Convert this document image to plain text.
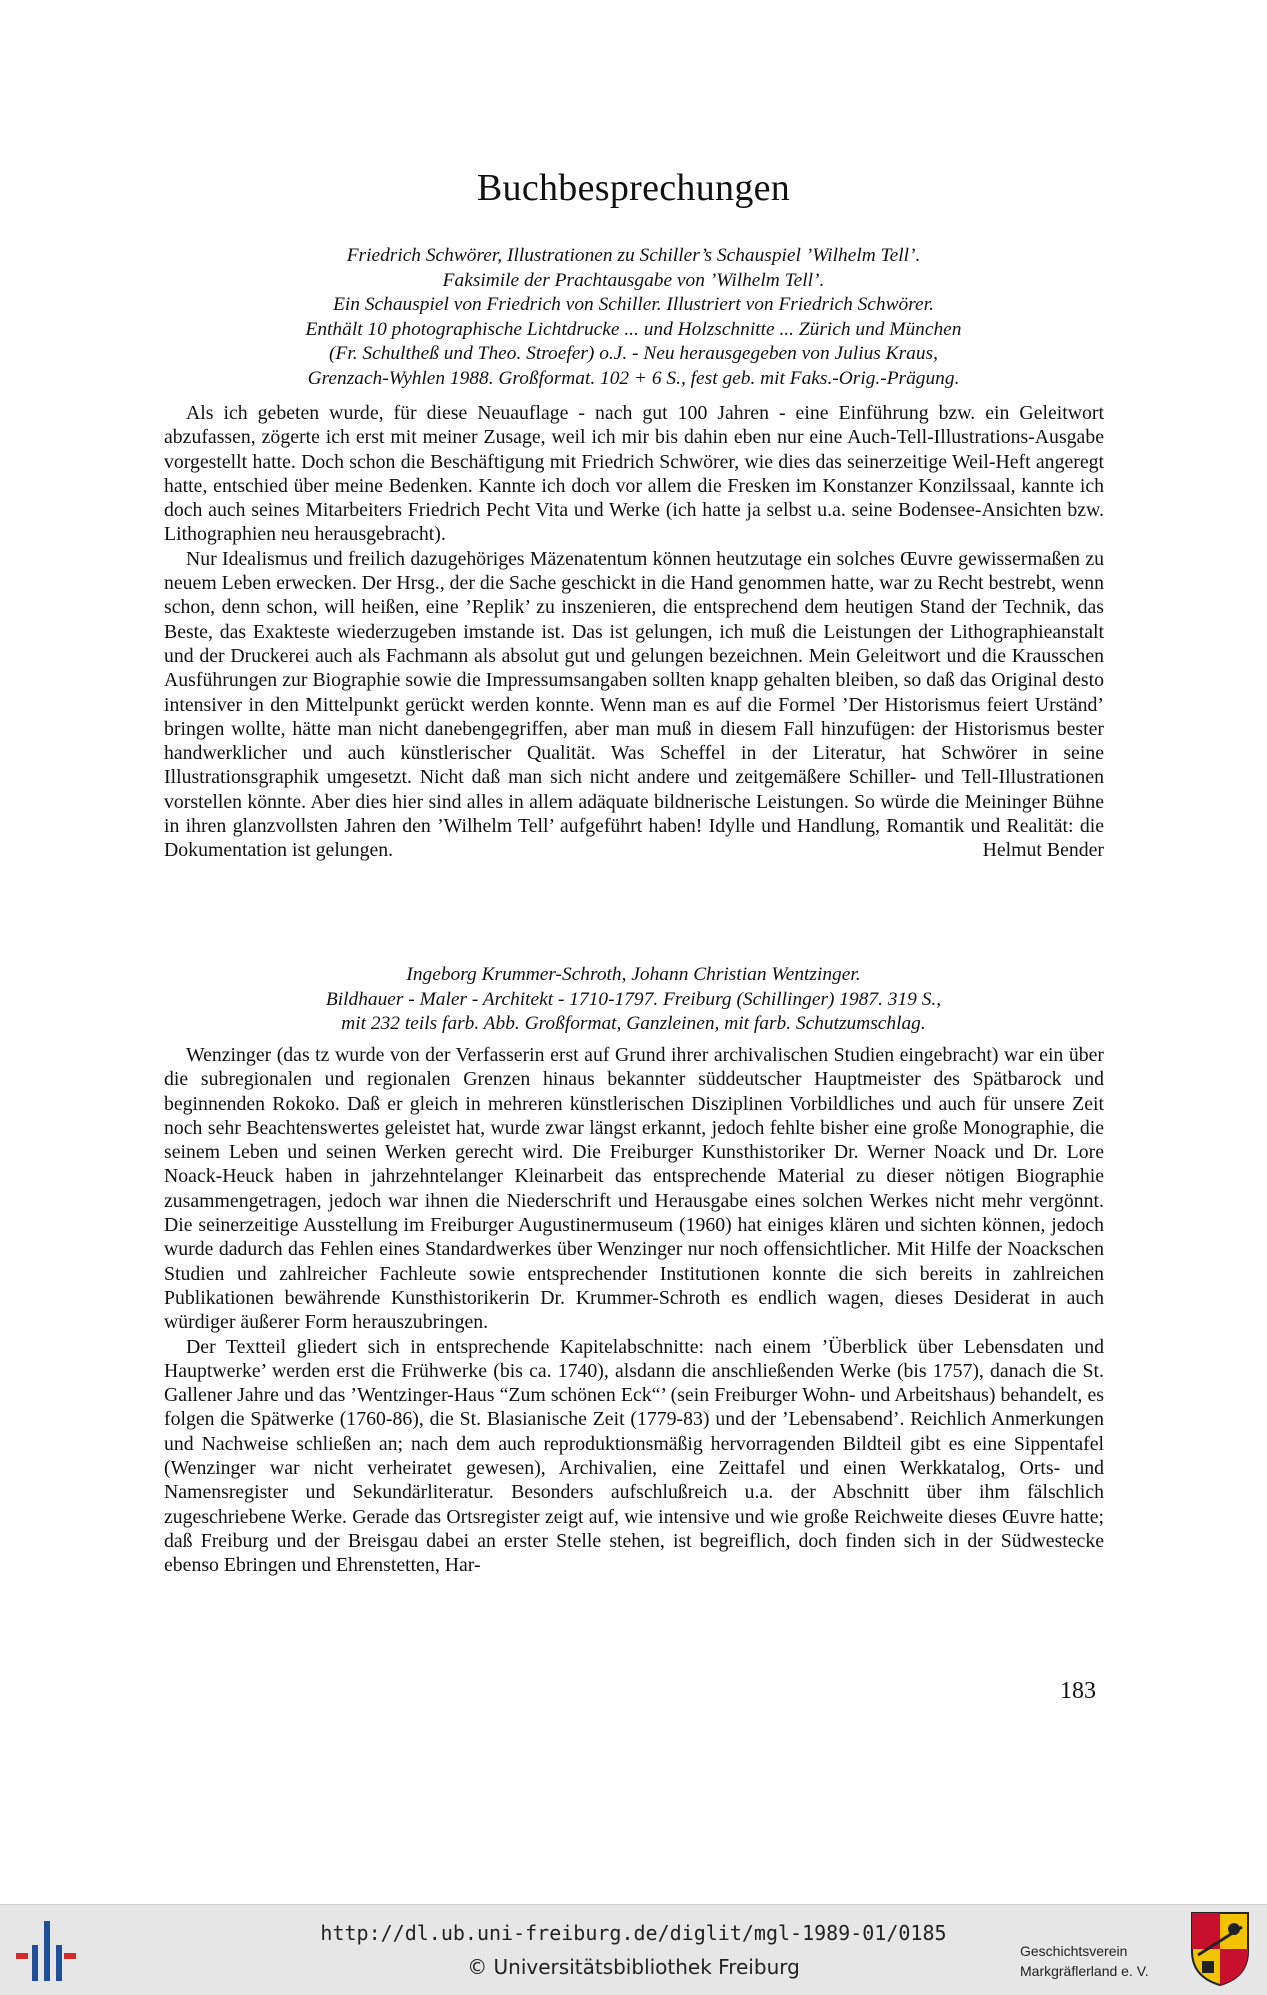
Buchbesprechungen
Friedrich Schwörer, Illustrationen zu Schiller’s Schauspiel ’Wilhelm Tell’.
Faksimile der Prachtausgabe von ’Wilhelm Tell’.
Ein Schauspiel von Friedrich von Schiller. Illustriert von Friedrich Schwörer.
Enthält 10 photographische Lichtdrucke ... und Holzschnitte ... Zürich und München
(Fr. Schultheß und Theo. Stroefer) o.J. - Neu herausgegeben von Julius Kraus,
Grenzach-Wyhlen 1988. Großformat. 102 + 6 S., fest geb. mit Faks.-Orig.-Prägung.

Als ich gebeten wurde, für diese Neuauflage - nach gut 100 Jahren - eine Einführung bzw. ein Geleitwort abzufassen, zögerte ich erst mit meiner Zusage, weil ich mir bis dahin eben nur eine Auch-Tell-Illustrations-Ausgabe vorgestellt hatte. Doch schon die Beschäftigung mit Friedrich Schwörer, wie dies das seinerzeitige Weil-Heft angeregt hatte, entschied über meine Bedenken. Kannte ich doch vor allem die Fresken im Konstanzer Konzilssaal, kannte ich doch auch seines Mitarbeiters Friedrich Pecht Vita und Werke (ich hatte ja selbst u.a. seine Bodensee-Ansichten bzw. Lithographien neu herausgebracht).

Nur Idealismus und freilich dazugehöriges Mäzenatentum können heutzutage ein solches Œuvre gewissermaßen zu neuem Leben erwecken. Der Hrsg., der die Sache geschickt in die Hand genommen hatte, war zu Recht bestrebt, wenn schon, denn schon, will heißen, eine ’Replik’ zu inszenieren, die entsprechend dem heutigen Stand der Technik, das Beste, das Exakteste wiederzugeben imstande ist. Das ist gelungen, ich muß die Leistungen der Lithographieanstalt und der Druckerei auch als Fachmann als absolut gut und gelungen bezeichnen. Mein Geleitwort und die Krausschen Ausführungen zur Biographie sowie die Impressumsangaben sollten knapp gehalten bleiben, so daß das Original desto intensiver in den Mittelpunkt gerückt werden konnte. Wenn man es auf die Formel ’Der Historismus feiert Urständ’ bringen wollte, hätte man nicht danebengegriffen, aber man muß in diesem Fall hinzufügen: der Historismus bester handwerklicher und auch künstlerischer Qualität. Was Scheffel in der Literatur, hat Schwörer in seine Illustrationsgraphik umgesetzt. Nicht daß man sich nicht andere und zeitgemäßere Schiller- und Tell-Illustrationen vorstellen könnte. Aber dies hier sind alles in allem adäquate bildnerische Leistungen. So würde die Meininger Bühne in ihren glanzvollsten Jahren den ’Wilhelm Tell’ aufgeführt haben! Idylle und Handlung, Romantik und Realität: die Dokumentation ist gelungen.	Helmut Bender

Ingeborg Krummer-Schroth, Johann Christian Wentzinger.
Bildhauer - Maler - Architekt - 1710-1797. Freiburg (Schillinger) 1987. 319 S.,
mit 232 teils farb. Abb. Großformat, Ganzleinen, mit farb. Schutzumschlag.

Wenzinger (das tz wurde von der Verfasserin erst auf Grund ihrer archivalischen Studien eingebracht) war ein über die subregionalen und regionalen Grenzen hinaus bekannter süddeutscher Hauptmeister des Spätbarock und beginnenden Rokoko. Daß er gleich in mehreren künstlerischen Disziplinen Vorbildliches und auch für unsere Zeit noch sehr Beachtenswertes geleistet hat, wurde zwar längst erkannt, jedoch fehlte bisher eine große Monographie, die seinem Leben und seinen Werken gerecht wird. Die Freiburger Kunsthistoriker Dr. Werner Noack und Dr. Lore Noack-Heuck haben in jahrzehntelanger Kleinarbeit das entsprechende Material zu dieser nötigen Biographie zusammengetragen, jedoch war ihnen die Niederschrift und Herausgabe eines solchen Werkes nicht mehr vergönnt. Die seinerzeitige Ausstellung im Freiburger Augustinermuseum (1960) hat einiges klären und sichten können, jedoch wurde dadurch das Fehlen eines Standardwerkes über Wenzinger nur noch offensichtlicher. Mit Hilfe der Noackschen Studien und zahlreicher Fachleute sowie entsprechender Institutionen konnte die sich bereits in zahlreichen Publikationen bewährende Kunsthistorikerin Dr. Krummer-Schroth es endlich wagen, dieses Desiderat in auch würdiger äußerer Form herauszubringen.

Der Textteil gliedert sich in entsprechende Kapitelabschnitte: nach einem ’Überblick über Lebensdaten und Hauptwerke’ werden erst die Frühwerke (bis ca. 1740), alsdann die anschließenden Werke (bis 1757), danach die St. Gallener Jahre und das ’Wentzinger-Haus “Zum schönen Eck“’ (sein Freiburger Wohn- und Arbeitshaus) behandelt, es folgen die Spätwerke (1760-86), die St. Blasianische Zeit (1779-83) und der ’Lebensabend’. Reichlich Anmerkungen und Nachweise schließen an; nach dem auch reproduktionsmäßig hervorragenden Bildteil gibt es eine Sippentafel (Wenzinger war nicht verheiratet gewesen), Archivalien, eine Zeittafel und einen Werkkatalog, Orts- und Namensregister und Sekundärliteratur. Besonders aufschlußreich u.a. der Abschnitt über ihm fälschlich zugeschriebene Werke. Gerade das Ortsregister zeigt auf, wie intensive und wie große Reichweite dieses Œuvre hatte; daß Freiburg und der Breisgau dabei an erster Stelle stehen, ist begreiflich, doch finden sich in der Südwestecke ebenso Ebringen und Ehrenstetten, Har-

183
http://dl.ub.uni-freiburg.de/diglit/mgl-1989-01/0185
© Universitätsbibliothek Freiburg
Geschichtsverein
Markgräflerland e. V.
